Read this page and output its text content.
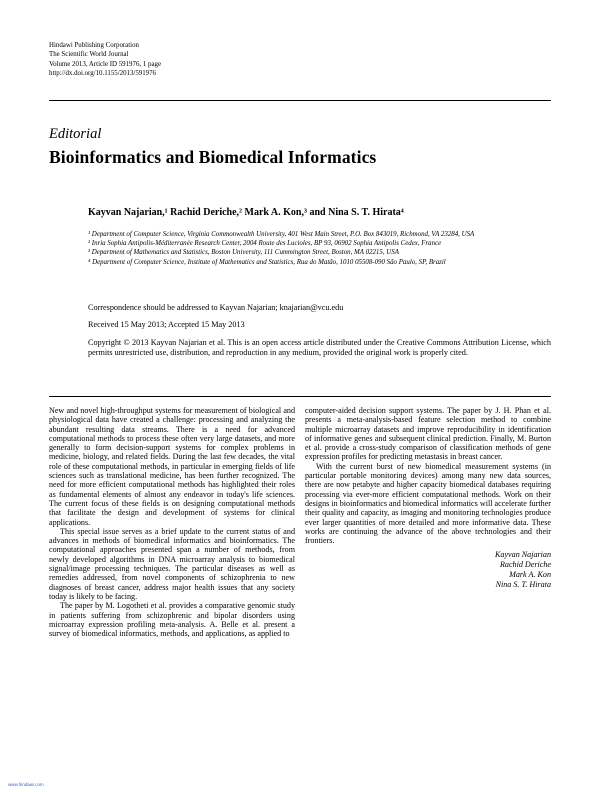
Hindawi Publishing Corporation
The Scientific World Journal
Volume 2013, Article ID 591976, 1 page
http://dx.doi.org/10.1155/2013/591976
Editorial
Bioinformatics and Biomedical Informatics
Kayvan Najarian,¹ Rachid Deriche,² Mark A. Kon,³ and Nina S. T. Hirata⁴

¹ Department of Computer Science, Virginia Commonwealth University, 401 West Main Street, P.O. Box 843019, Richmond, VA 23284, USA

² Inria Sophia Antipolis-Méditerranée Research Center, 2004 Route des Lucioles, BP 93, 06902 Sophia Antipolis Cedex, France

³ Department of Mathematics and Statistics, Boston University, 111 Cummington Street, Boston, MA 02215, USA

⁴ Department of Computer Science, Institute of Mathematics and Statistics, Rua do Matão, 1010 05508-090 São Paulo, SP, Brazil

Correspondence should be addressed to Kayvan Najarian; knajarian@vcu.edu
Received 15 May 2013; Accepted 15 May 2013
Copyright © 2013 Kayvan Najarian et al. This is an open access article distributed under the Creative Commons Attribution License, which permits unrestricted use, distribution, and reproduction in any medium, provided the original work is properly cited.

New and novel high-throughput systems for measurement of biological and physiological data have created a challenge: processing and analyzing the abundant resulting data streams. There is a need for advanced computational methods to process these often very large datasets, and more generally to form decision-support systems for complex problems in medicine, biology, and related fields. During the last few decades, the vital role of these computational methods, in particular in emerging fields of life sciences such as translational medicine, has been further recognized. The need for more efficient computational methods has highlighted their roles as fundamental elements of almost any endeavor in today's life sciences. The current focus of these fields is on designing computational methods that facilitate the design and development of systems for clinical applications.

This special issue serves as a brief update to the current status of and advances in methods of biomedical informatics and bioinformatics. The computational approaches presented span a number of methods, from newly developed algorithms in DNA microarray analysis to biomedical signal/image processing techniques. The particular diseases as well as remedies addressed, from novel components of schizophrenia to new diagnoses of breast cancer, address major health issues that any society today is likely to be facing.

The paper by M. Logotheti et al. provides a comparative genomic study in patients suffering from schizophrenic and bipolar disorders using microarray expression profiling meta-analysis. A. Belle et al. present a survey of biomedical informatics, methods, and applications, as applied to

computer-aided decision support systems. The paper by J. H. Phan et al. presents a meta-analysis-based feature selection method to combine multiple microarray datasets and improve reproducibility in identification of informative genes and subsequent clinical prediction. Finally, M. Burton et al. provide a cross-study comparison of classification methods of gene expression profiles for predicting metastasis in breast cancer.

With the current burst of new biomedical measurement systems (in particular portable monitoring devices) among many new data sources, there are now petabyte and higher capacity biomedical databases requiring processing via ever-more efficient computational methods. Work on their designs in bioinformatics and biomedical informatics will accelerate further their quality and capacity, as imaging and monitoring technologies produce ever larger quantities of more detailed and more informative data. These works are continuing the advance of the above technologies and their frontiers.

Kayvan Najarian
Rachid Deriche
Mark A. Kon
Nina S. T. Hirata
www.hindawi.com
